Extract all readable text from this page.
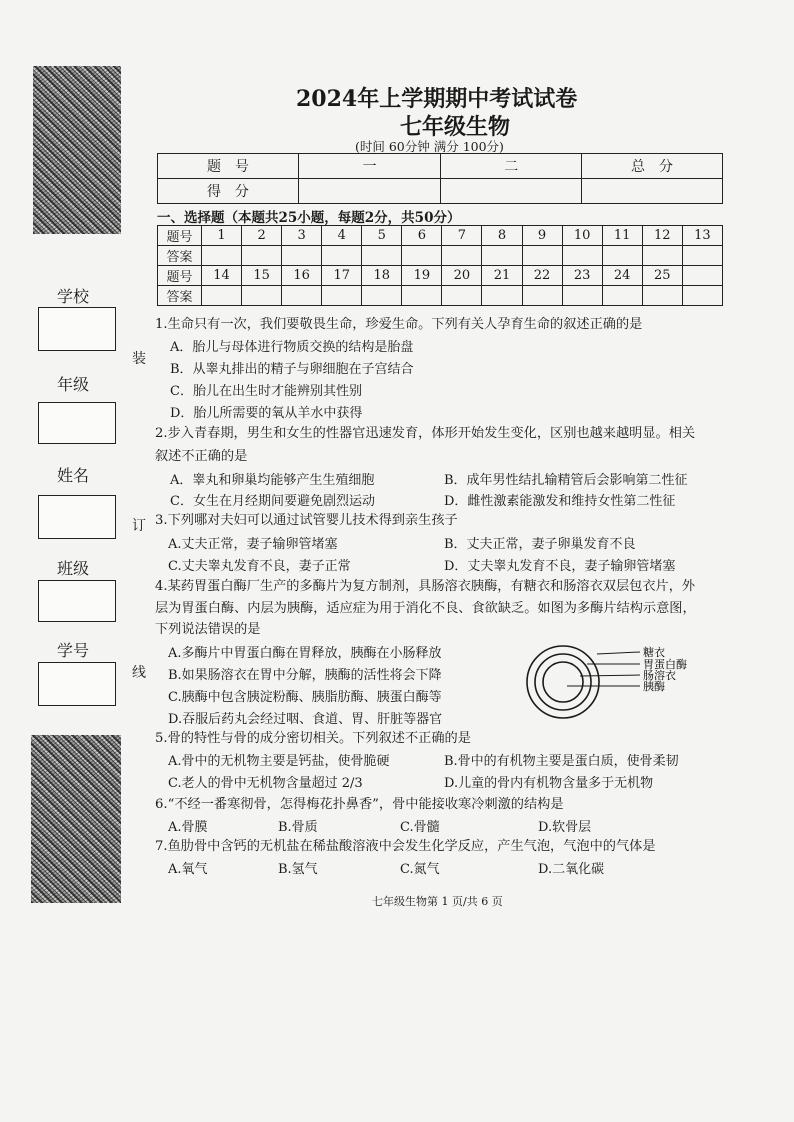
学校
年级
姓名
班级
学号
装
订
线
2024年上学期期中考试试卷
七年级生物
(时间 60分钟 满分 100分)
题　号	一	二	总　分
得　分			
一、选择题（本题共25小题，每题2分，共50分）
题号	1	2	3	4	5	6	7	8	9	10	11	12	13
答案													
题号	14	15	16	17	18	19	20	21	22	23	24	25	
答案													
1.生命只有一次，我们要敬畏生命，珍爱生命。下列有关人孕育生命的叙述正确的是
A．胎儿与母体进行物质交换的结构是胎盘
B．从睾丸排出的精子与卵细胞在子宫结合
C．胎儿在出生时才能辨别其性别
D．胎儿所需要的氧从羊水中获得
2.步入青春期，男生和女生的性器官迅速发育，体形开始发生变化，区别也越来越明显。相关
叙述不正确的是
A．睾丸和卵巢均能够产生生殖细胞	B．成年男性结扎输精管后会影响第二性征
C．女生在月经期间要避免剧烈运动	D．雌性激素能激发和维持女性第二性征
3.下列哪对夫妇可以通过试管婴儿技术得到亲生孩子
A.丈夫正常，妻子输卵管堵塞	B．丈夫正常，妻子卵巢发育不良
C.丈夫睾丸发育不良，妻子正常	D．丈夫睾丸发育不良，妻子输卵管堵塞
4.某药胃蛋白酶厂生产的多酶片为复方制剂，具肠溶衣胰酶，有糖衣和肠溶衣双层包衣片，外
层为胃蛋白酶、内层为胰酶，适应症为用于消化不良、食欲缺乏。如图为多酶片结构示意图，
下列说法错误的是
A.多酶片中胃蛋白酶在胃释放，胰酶在小肠释放
B.如果肠溶衣在胃中分解，胰酶的活性将会下降
C.胰酶中包含胰淀粉酶、胰脂肪酶、胰蛋白酶等
D.吞服后药丸会经过咽、食道、胃、肝脏等器官
糖衣
胃蛋白酶
肠溶衣
胰酶
5.骨的特性与骨的成分密切相关。下列叙述不正确的是
A.骨中的无机物主要是钙盐，使骨脆硬	B.骨中的有机物主要是蛋白质，使骨柔韧
C.老人的骨中无机物含量超过 2/3	D.儿童的骨内有机物含量多于无机物
6.“不经一番寒彻骨，怎得梅花扑鼻香”，骨中能接收寒冷刺激的结构是
A.骨膜	B.骨质	C.骨髓	D.软骨层
7.鱼肋骨中含钙的无机盐在稀盐酸溶液中会发生化学反应，产生气泡，气泡中的气体是
A.氧气	B.氢气	C.氮气	D.二氧化碳
七年级生物第 1 页/共 6 页
